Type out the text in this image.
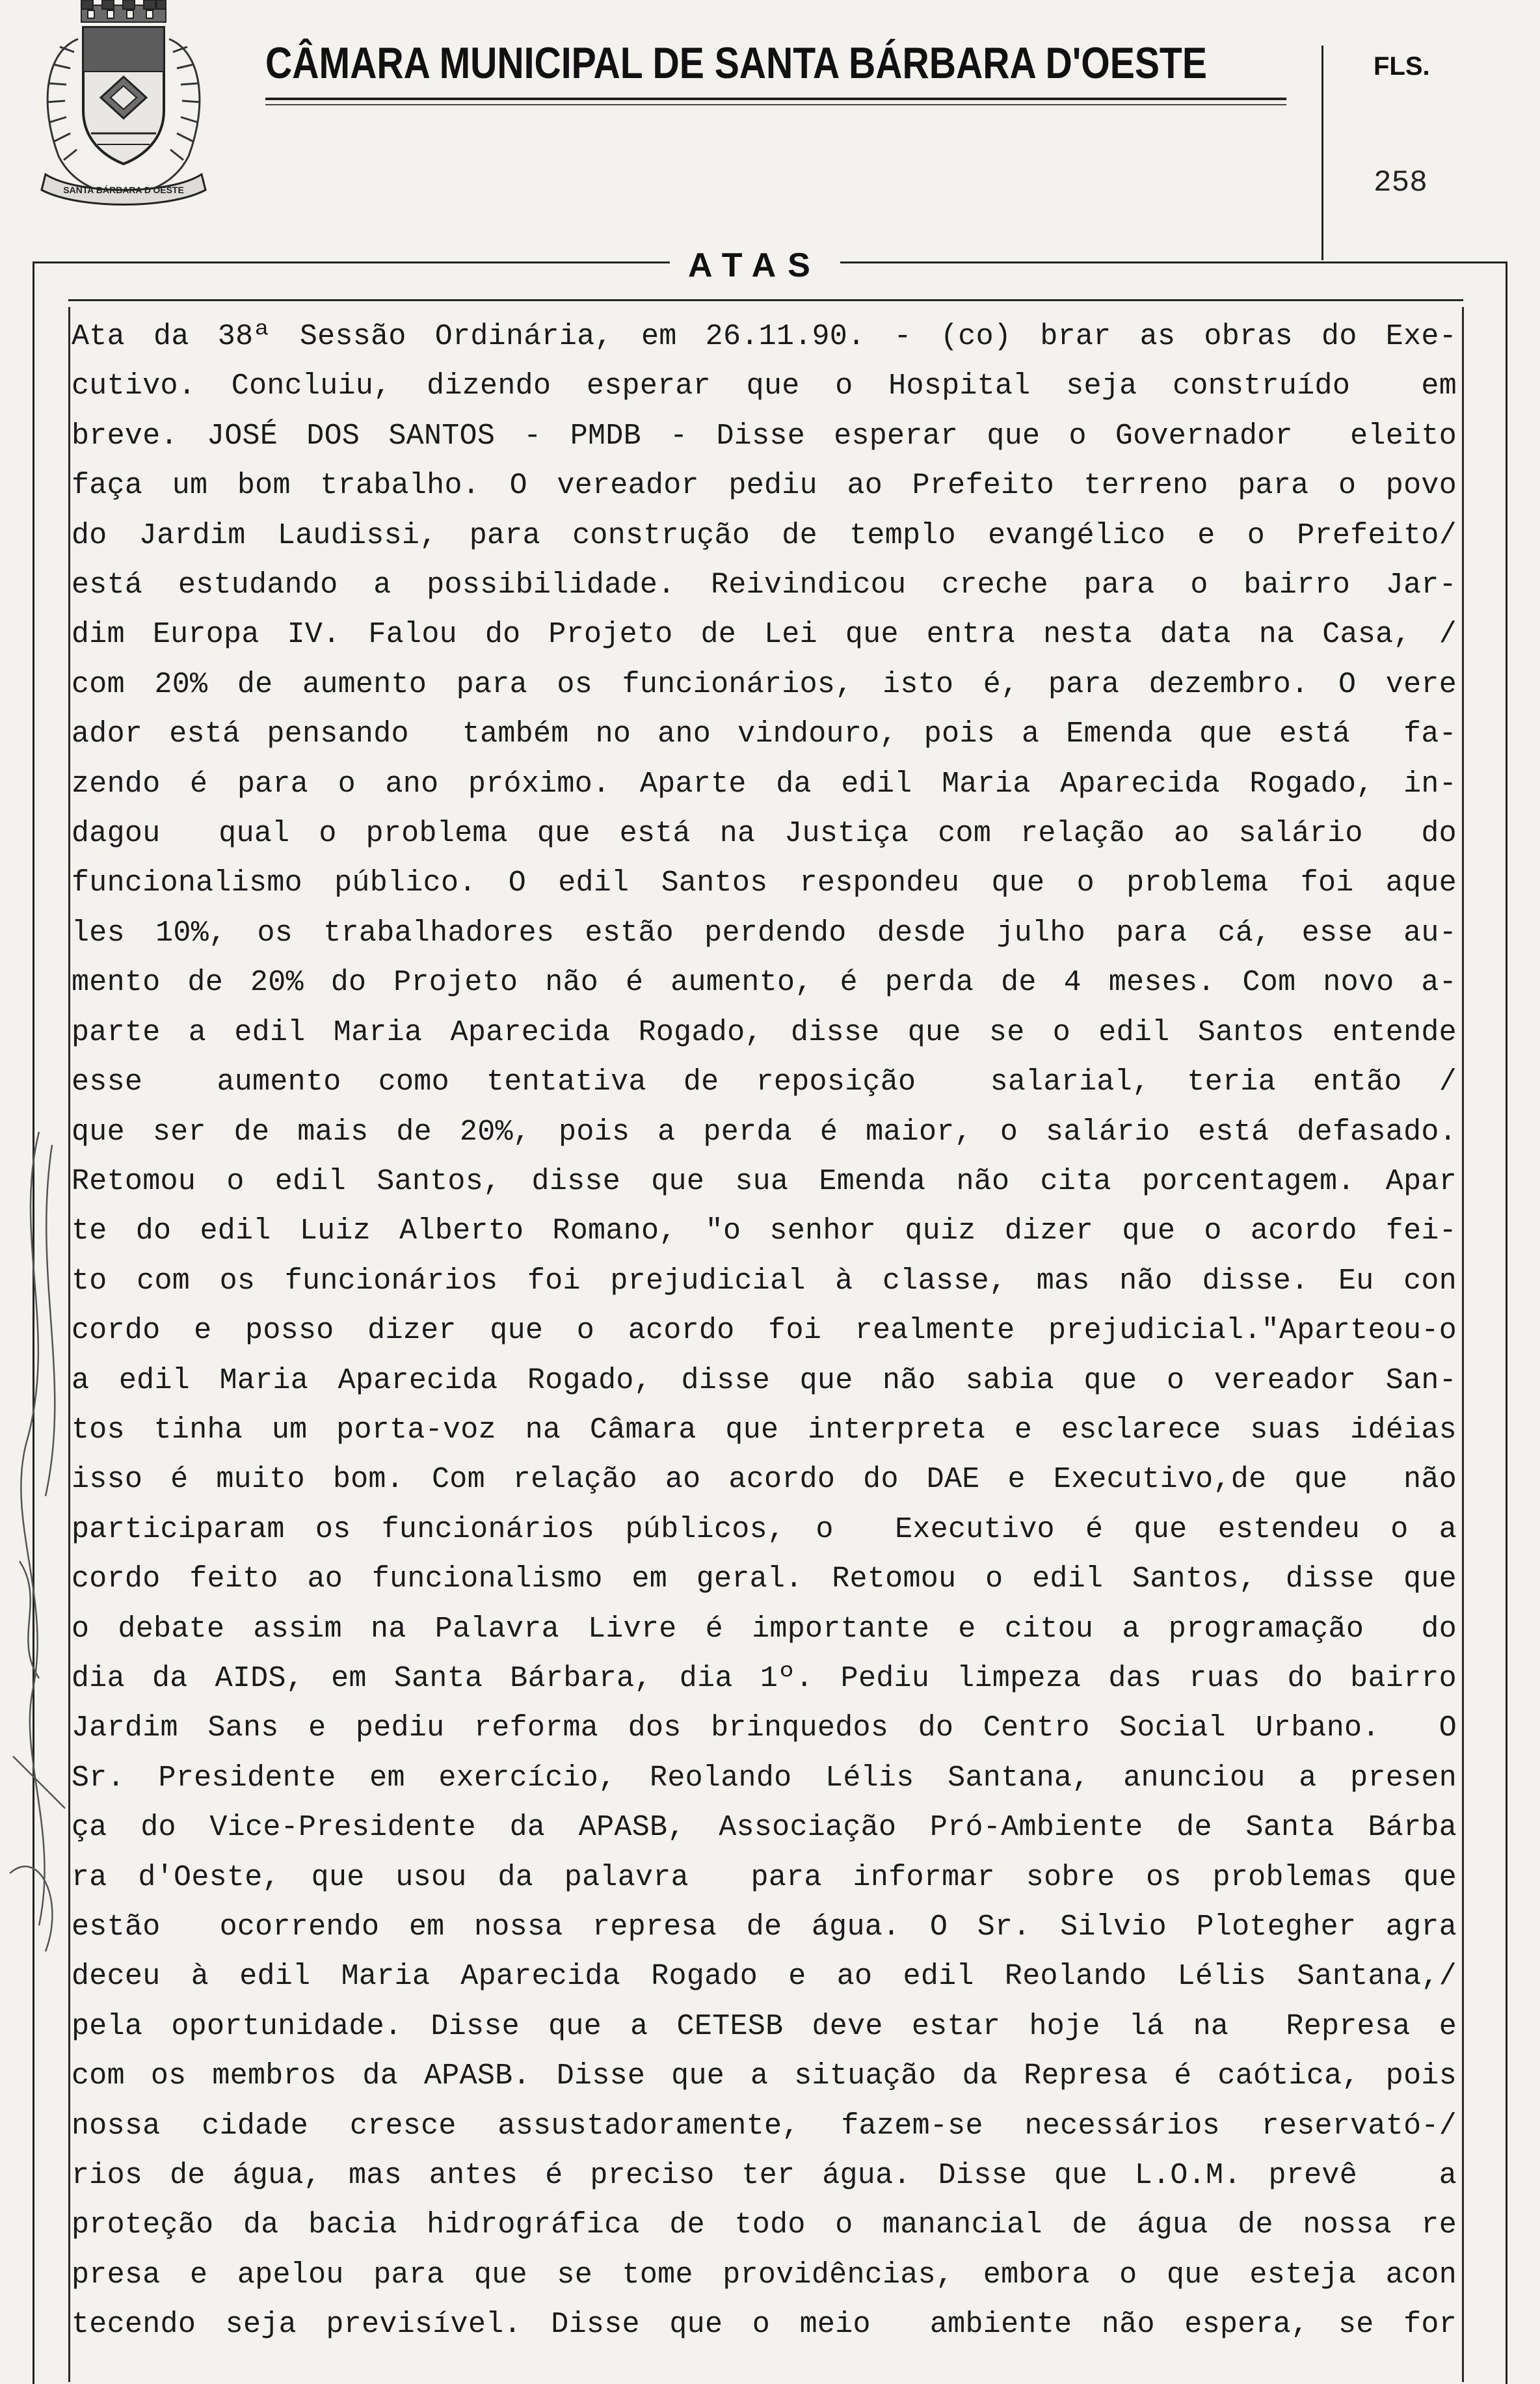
SANTA BÁRBARA D'OESTE
CÂMARA MUNICIPAL DE SANTA BÁRBARA D'OESTE	FLS.
258
ATAS
Ata da 38ª Sessão Ordinária, em 26.11.90. - (co) brar as obras do Exe-
cutivo. Concluiu, dizendo esperar que o Hospital seja construído  em
breve. JOSÉ DOS SANTOS - PMDB - Disse esperar que o Governador  eleito
faça um bom trabalho. O vereador pediu ao Prefeito terreno para o povo
do Jardim Laudissi, para construção de templo evangélico e o Prefeito/
está estudando a possibilidade. Reivindicou creche para o bairro Jar-
dim Europa IV. Falou do Projeto de Lei que entra nesta data na Casa, /
com 20% de aumento para os funcionários, isto é, para dezembro. O vere
ador está pensando  também no ano vindouro, pois a Emenda que está  fa-
zendo é para o ano próximo. Aparte da edil Maria Aparecida Rogado, in-
dagou  qual o problema que está na Justiça com relação ao salário  do
funcionalismo público. O edil Santos respondeu que o problema foi aque
les 10%, os trabalhadores estão perdendo desde julho para cá, esse au-
mento de 20% do Projeto não é aumento, é perda de 4 meses. Com novo a-
parte a edil Maria Aparecida Rogado, disse que se o edil Santos entende
esse  aumento como tentativa de reposição  salarial, teria então /
que ser de mais de 20%, pois a perda é maior, o salário está defasado.
Retomou o edil Santos, disse que sua Emenda não cita porcentagem. Apar
te do edil Luiz Alberto Romano, "o senhor quiz dizer que o acordo fei-
to com os funcionários foi prejudicial à classe, mas não disse. Eu con
cordo e posso dizer que o acordo foi realmente prejudicial."Aparteou-o
a edil Maria Aparecida Rogado, disse que não sabia que o vereador San-
tos tinha um porta-voz na Câmara que interpreta e esclarece suas idéias
isso é muito bom. Com relação ao acordo do DAE e Executivo,de que  não
participaram os funcionários públicos, o  Executivo é que estendeu o a
cordo feito ao funcionalismo em geral. Retomou o edil Santos, disse que
o debate assim na Palavra Livre é importante e citou a programação  do
dia da AIDS, em Santa Bárbara, dia 1º. Pediu limpeza das ruas do bairro
Jardim Sans e pediu reforma dos brinquedos do Centro Social Urbano.  O
Sr. Presidente em exercício, Reolando Lélis Santana, anunciou a presen
ça do Vice-Presidente da APASB, Associação Pró-Ambiente de Santa Bárba
ra d'Oeste, que usou da palavra  para informar sobre os problemas que
estão  ocorrendo em nossa represa de água. O Sr. Silvio Plotegher agra
deceu à edil Maria Aparecida Rogado e ao edil Reolando Lélis Santana,/
pela oportunidade. Disse que a CETESB deve estar hoje lá na  Represa e
com os membros da APASB. Disse que a situação da Represa é caótica, pois
nossa cidade cresce assustadoramente, fazem-se necessários reservató-/
rios de água, mas antes é preciso ter água. Disse que L.O.M. prevê   a
proteção da bacia hidrográfica de todo o manancial de água de nossa re
presa e apelou para que se tome providências, embora o que esteja acon
tecendo seja previsível. Disse que o meio  ambiente não espera, se for
